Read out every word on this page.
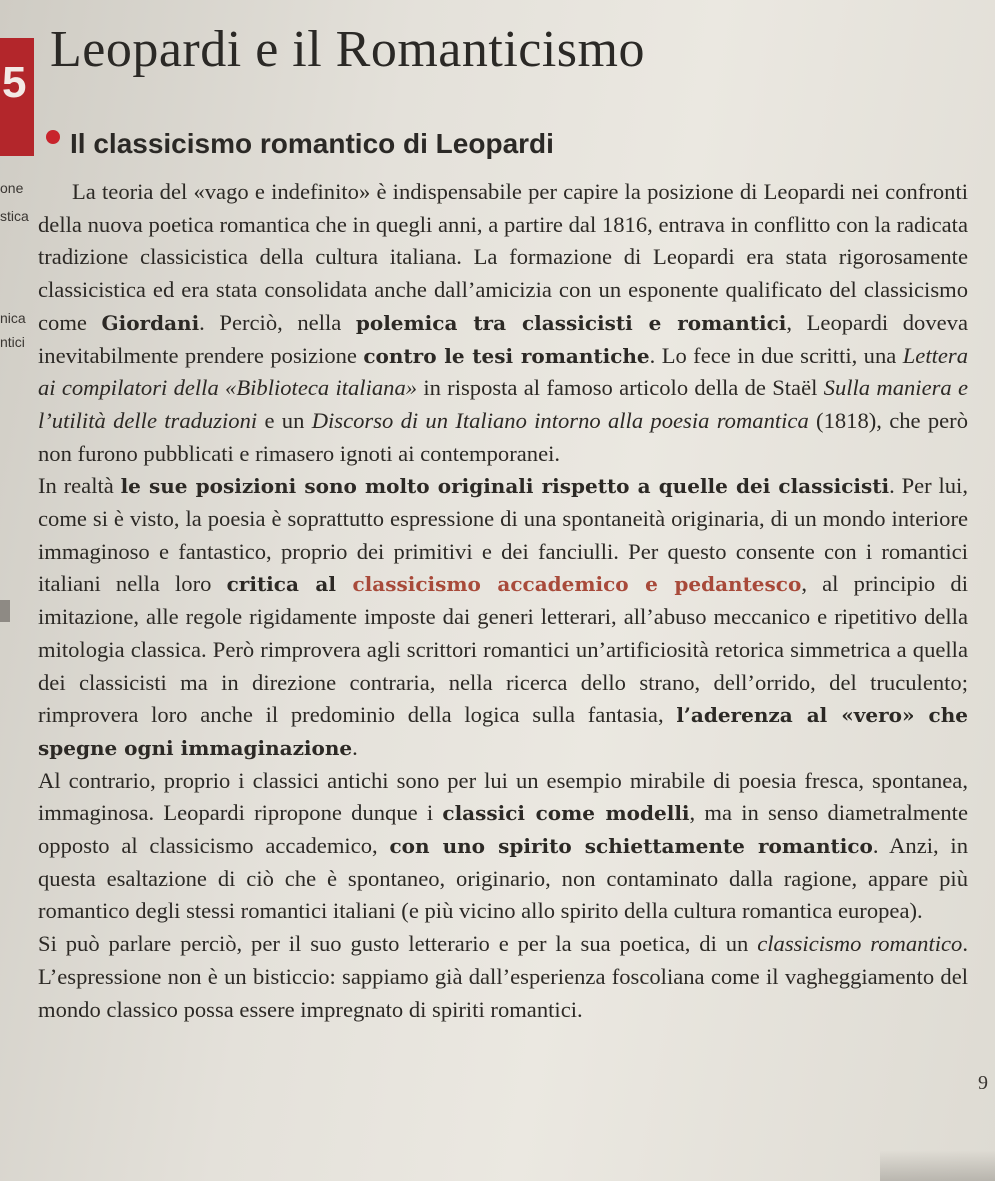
5
Leopardi e il Romanticismo
Il classicismo romantico di Leopardi
one
stica
nica
ntici

La teoria del «vago e indefinito» è indispensabile per capire la posizione di Leopardi nei confronti della nuova poetica romantica che in quegli anni, a partire dal 1816, entrava in conflitto con la radicata tradizione classicistica della cultura italiana. La formazione di Leopardi era stata rigorosamente classicistica ed era stata consolidata anche dall’amicizia con un esponente qualificato del classicismo come Giordani. Perciò, nella polemica tra classicisti e romantici, Leopardi doveva inevitabilmente prendere posizione contro le tesi romantiche. Lo fece in due scritti, una Lettera ai compilatori della «Biblioteca italiana» in risposta al famoso articolo della de Staël Sulla maniera e l’utilità delle traduzioni e un Discorso di un Italiano intorno alla poesia romantica (1818), che però non furono pubblicati e rimasero ignoti ai contemporanei.

In realtà le sue posizioni sono molto originali rispetto a quelle dei classicisti. Per lui, come si è visto, la poesia è soprattutto espressione di una spontaneità originaria, di un mondo interiore immaginoso e fantastico, proprio dei primitivi e dei fanciulli. Per questo consente con i romantici italiani nella loro critica al classicismo accademico e pedantesco, al principio di imitazione, alle regole rigidamente imposte dai generi letterari, all’abuso meccanico e ripetitivo della mitologia classica. Però rimprovera agli scrittori romantici un’artificiosità retorica simmetrica a quella dei classicisti ma in direzione contraria, nella ricerca dello strano, dell’orrido, del truculento; rimprovera loro anche il predominio della logica sulla fantasia, l’aderenza al «vero» che spegne ogni immaginazione.

Al contrario, proprio i classici antichi sono per lui un esempio mirabile di poesia fresca, spontanea, immaginosa. Leopardi ripropone dunque i classici come modelli, ma in senso diametralmente opposto al classicismo accademico, con uno spirito schiettamente romantico. Anzi, in questa esaltazione di ciò che è spontaneo, originario, non contaminato dalla ragione, appare più romantico degli stessi romantici italiani (e più vicino allo spirito della cultura romantica europea).

Si può parlare perciò, per il suo gusto letterario e per la sua poetica, di un classicismo romantico. L’espressione non è un bisticcio: sappiamo già dall’esperienza foscoliana come il vagheggiamento del mondo classico possa essere impregnato di spiriti romantici.

9
